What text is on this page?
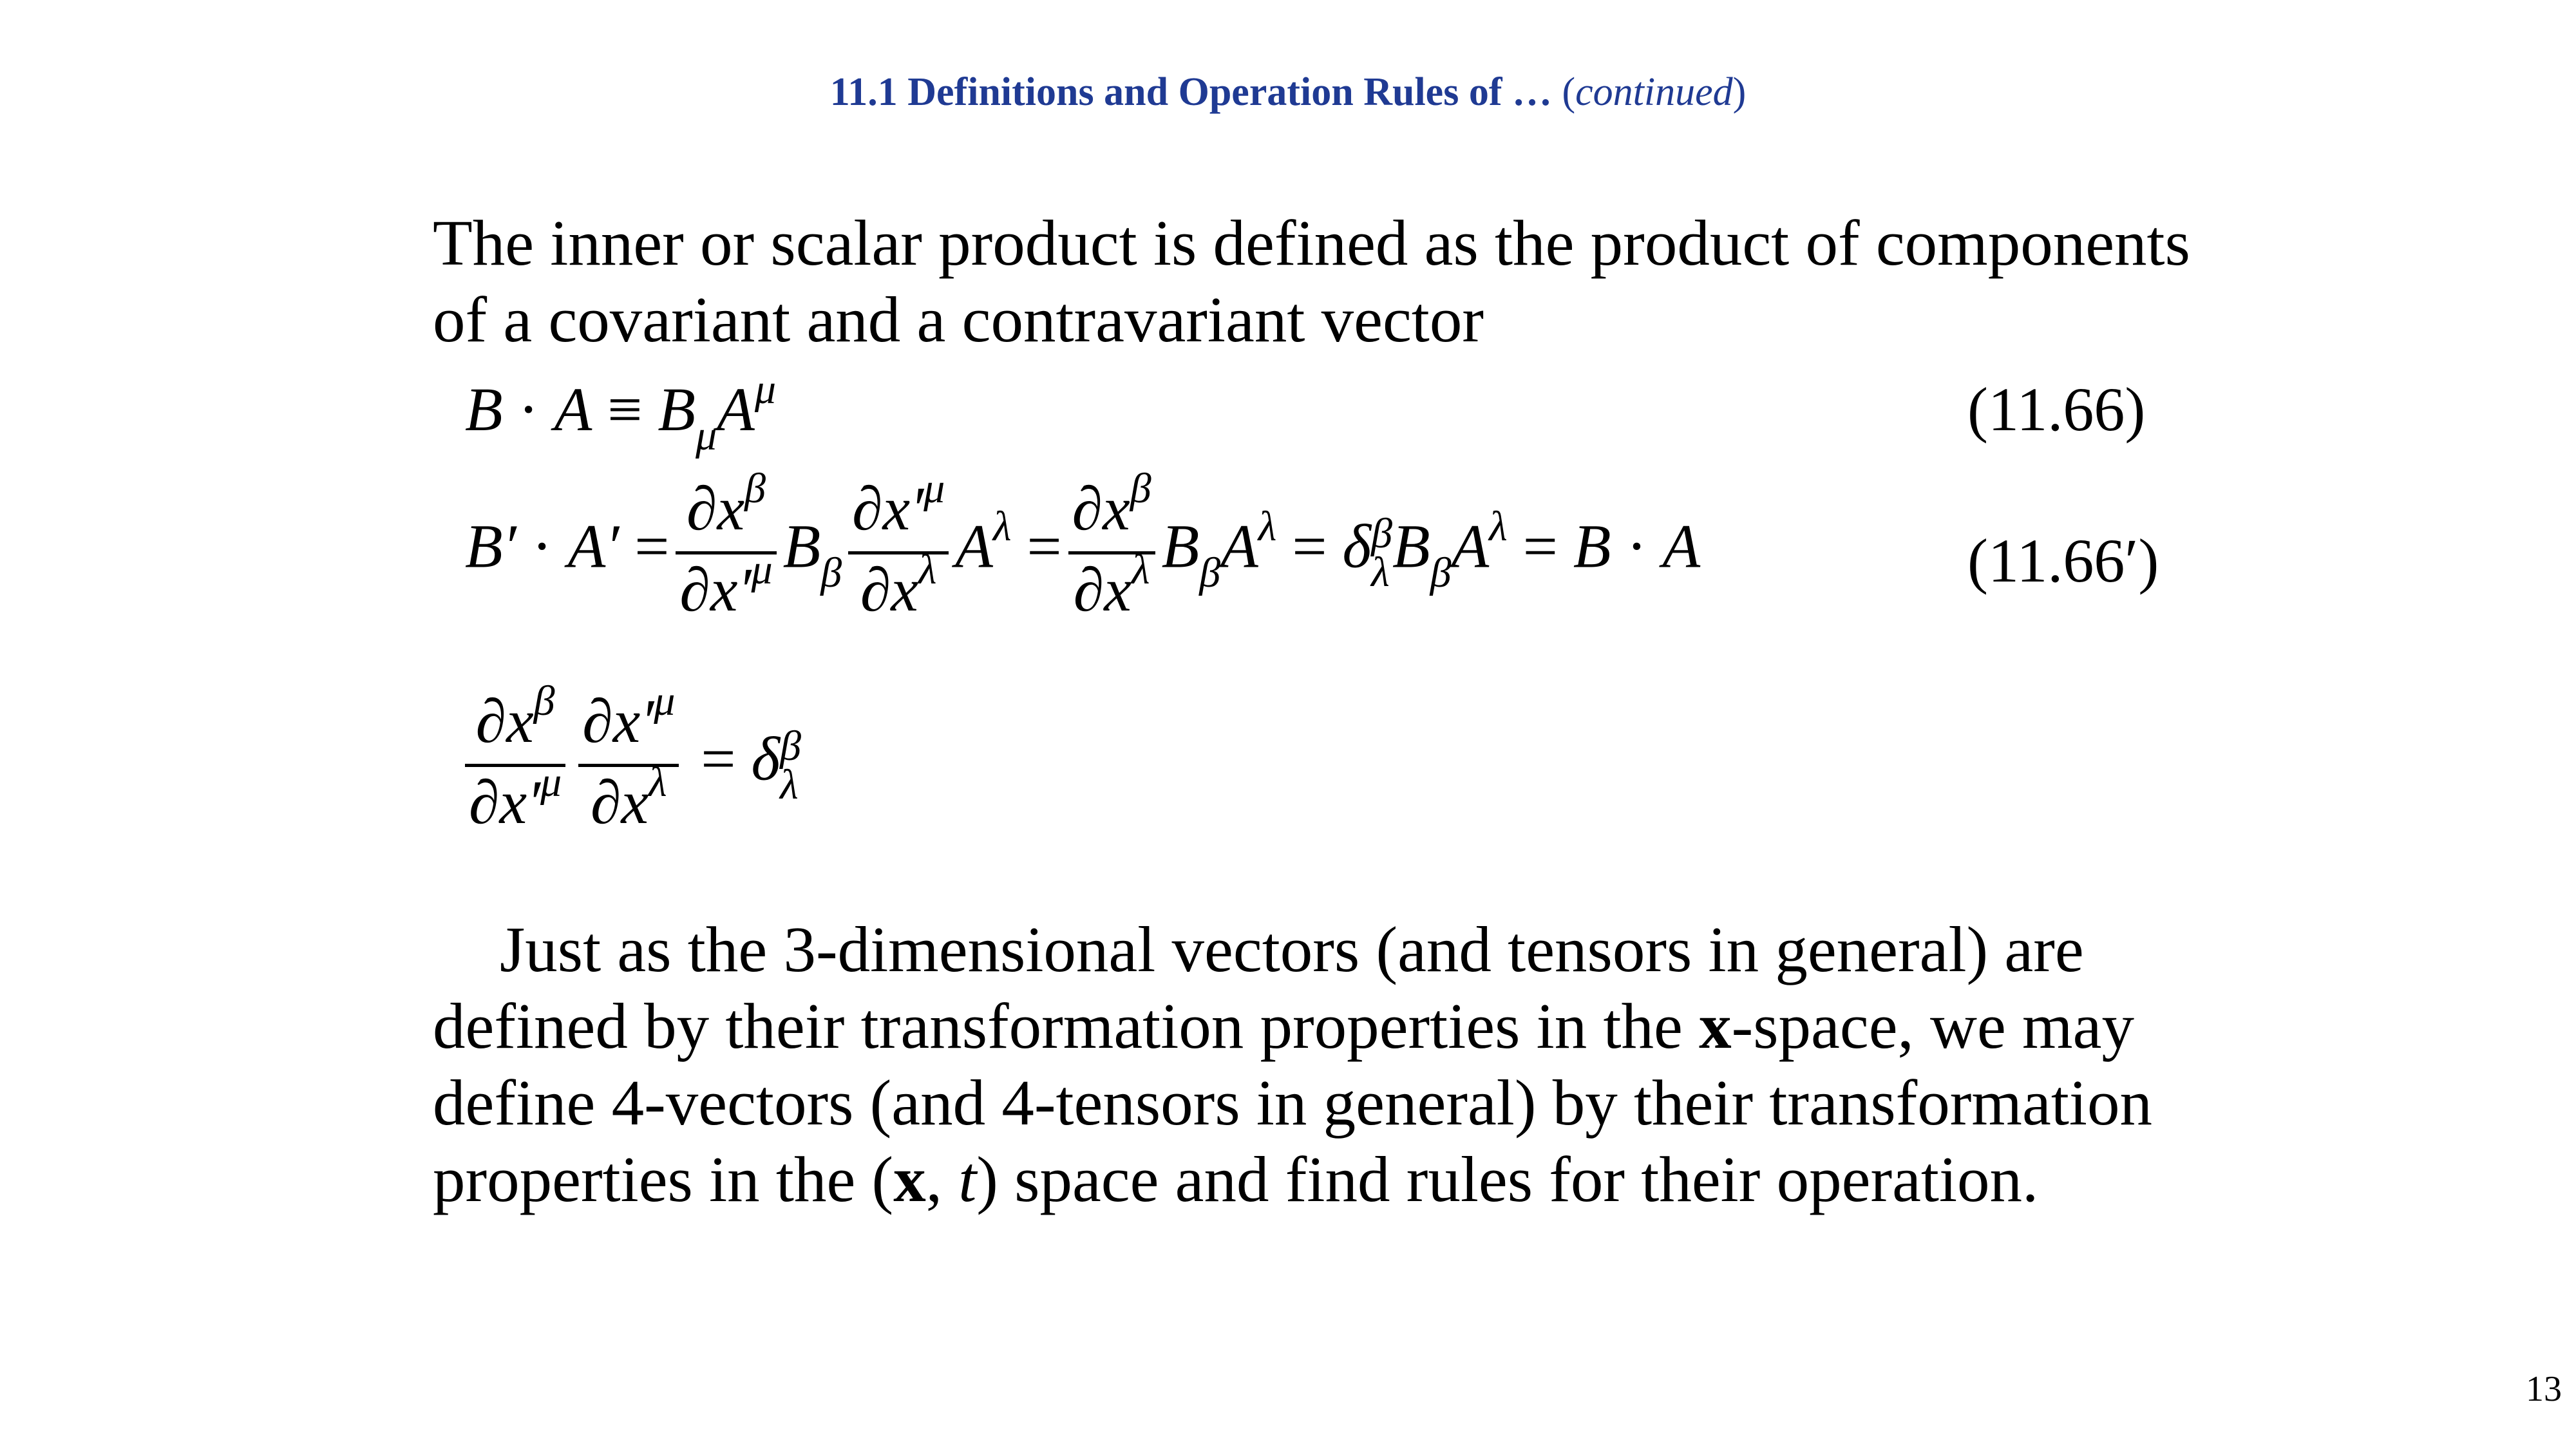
11.1 Definitions and Operation Rules of … (continued)
The inner or scalar product is defined as the product of components
of a covariant and a contravariant vector
$B \cdot A \equiv B_\mu A^\mu$	(11.66)
$B' \cdot A' = \frac{\partial x^\beta}{\partial x'^\mu} B_\beta \frac{\partial x'^\mu}{\partial x^\lambda} A^\lambda = \frac{\partial x^\beta}{\partial x^\lambda} B_\beta A^\lambda = \delta$ β
λ $B_\beta A^\lambda = B \cdot A$	(11.66′)
$\frac{\partial x^\beta}{\partial x'^\mu} \frac{\partial x'^\mu}{\partial x^\lambda} = \delta$ β
λ
Just as the 3-dimensional vectors (and tensors in general) are
defined by their transformation properties in the x-space, we may
define 4-vectors (and 4-tensors in general) by their transformation
properties in the (x, t) space and find rules for their operation.
13
